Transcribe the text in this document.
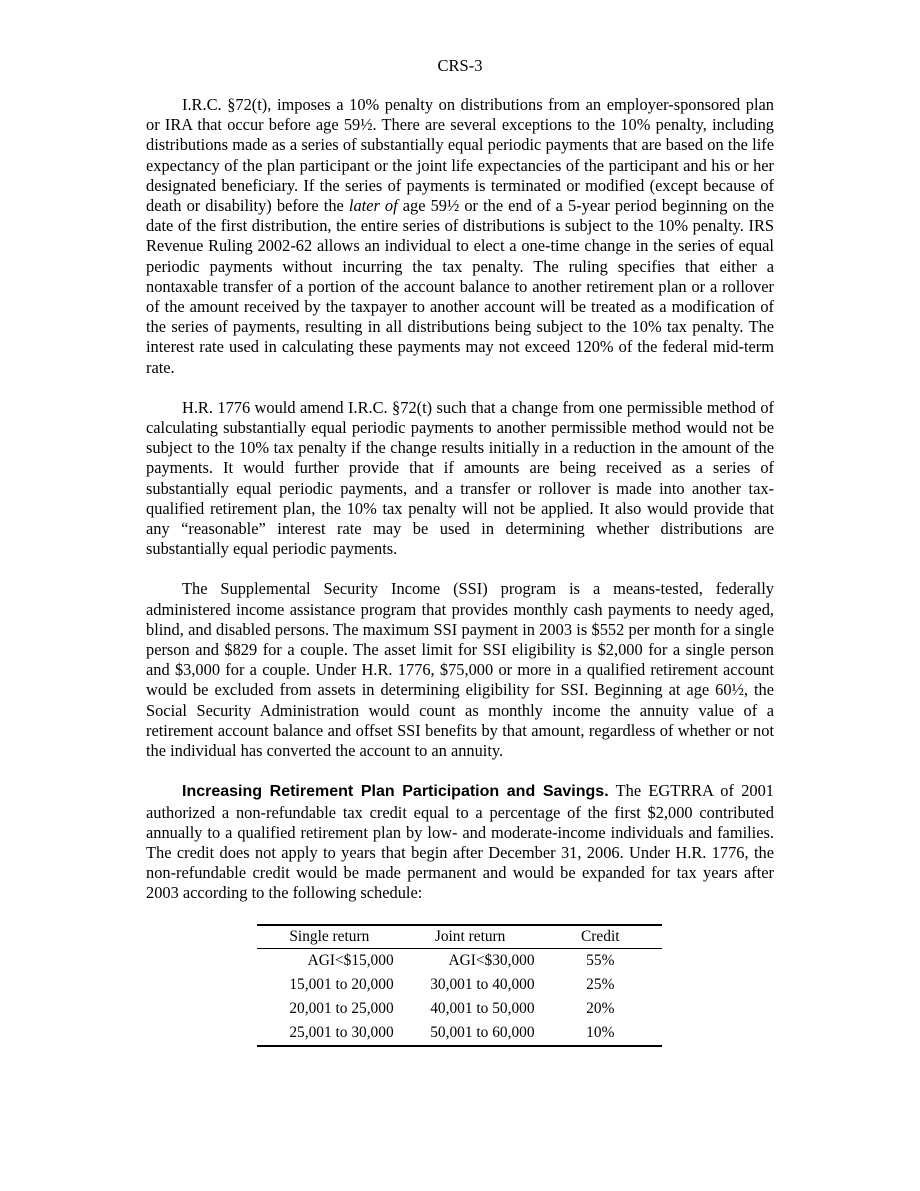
CRS-3

I.R.C. §72(t), imposes a 10% penalty on distributions from an employer-sponsored plan or IRA that occur before age 59½. There are several exceptions to the 10% penalty, including distributions made as a series of substantially equal periodic payments that are based on the life expectancy of the plan participant or the joint life expectancies of the participant and his or her designated beneficiary. If the series of payments is terminated or modified (except because of death or disability) before the later of age 59½ or the end of a 5-year period beginning on the date of the first distribution, the entire series of distributions is subject to the 10% penalty. IRS Revenue Ruling 2002-62 allows an individual to elect a one-time change in the series of equal periodic payments without incurring the tax penalty. The ruling specifies that either a nontaxable transfer of a portion of the account balance to another retirement plan or a rollover of the amount received by the taxpayer to another account will be treated as a modification of the series of payments, resulting in all distributions being subject to the 10% tax penalty. The interest rate used in calculating these payments may not exceed 120% of the federal mid-term rate.

H.R. 1776 would amend I.R.C. §72(t) such that a change from one permissible method of calculating substantially equal periodic payments to another permissible method would not be subject to the 10% tax penalty if the change results initially in a reduction in the amount of the payments. It would further provide that if amounts are being received as a series of substantially equal periodic payments, and a transfer or rollover is made into another tax-qualified retirement plan, the 10% tax penalty will not be applied. It also would provide that any “reasonable” interest rate may be used in determining whether distributions are substantially equal periodic payments.

The Supplemental Security Income (SSI) program is a means-tested, federally administered income assistance program that provides monthly cash payments to needy aged, blind, and disabled persons. The maximum SSI payment in 2003 is $552 per month for a single person and $829 for a couple. The asset limit for SSI eligibility is $2,000 for a single person and $3,000 for a couple. Under H.R. 1776, $75,000 or more in a qualified retirement account would be excluded from assets in determining eligibility for SSI. Beginning at age 60½, the Social Security Administration would count as monthly income the annuity value of a retirement account balance and offset SSI benefits by that amount, regardless of whether or not the individual has converted the account to an annuity.

Increasing Retirement Plan Participation and Savings. The EGTRRA of 2001 authorized a non-refundable tax credit equal to a percentage of the first $2,000 contributed annually to a qualified retirement plan by low- and moderate-income individuals and families. The credit does not apply to years that begin after December 31, 2006. Under H.R. 1776, the non-refundable credit would be made permanent and would be expanded for tax years after 2003 according to the following schedule:

Single return	Joint return	Credit
AGI<$15,000	AGI<$30,000	55%
15,001 to 20,000	30,001 to 40,000	25%
20,001 to 25,000	40,001 to 50,000	20%
25,001 to 30,000	50,001 to 60,000	10%
